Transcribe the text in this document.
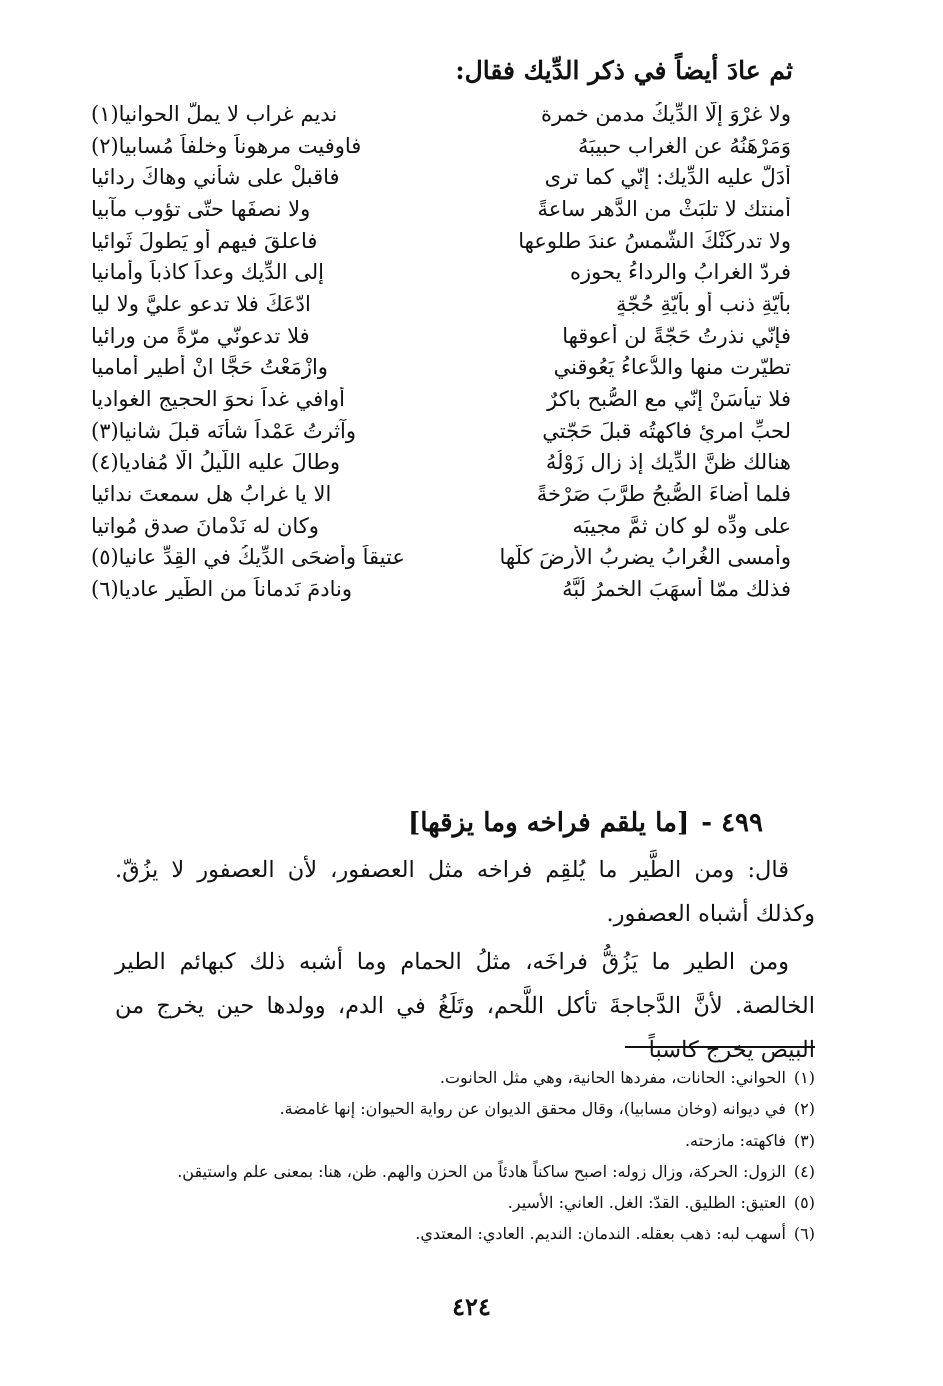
ثم عادَ أيضاً في ذكر الدِّيك فقال:
ولا غرْوَ إلّا الدِّيكُ مدمن خمرة
نديم غراب لا يملُّ الحوانيا(١)
وَمَرْهَنُهُ عن الغراب حبيبَهُ
فاوفيت مرهوناً وخلفاً مُسابيا(٢)
أَدَلَّ عليه الدِّيك: إنّي كما ترى
فاقبلْ على شأني وهاكَ ردائيا
أمنتك لا تلبَثْ من الدَّهر ساعةً
ولا نصفَها حتّى تؤوب مآبيا
ولا تدركَنْكَ الشّمسُ عندَ طلوعها
فاعلقَ فيهم أو يَطولَ ثَوائيا
فردّ الغرابُ والرداءُ يحوزه
إلى الدِّيك وعداً كاذباً وأمانيا
بأيّةِ ذنب أو بأيّةِ حُجّةٍ
ادّعَكَ فلا تدعو عليَّ ولا ليا
فإنّي نذرتُ حَجّةً لن أعوقها
فلا تدعونّي مرّةً من ورائيا
تطيّرت منها والدُّعاءُ يَعُوقني
وازْمَعْتُ حَجًّا انْ أطير أماميا
فلا تيأسَنْ إنّي مع الصُّبح باكرٌ
أُوافي غداً نحوَ الحجيج الغواديا
لحبِّ امرئٍ فاكهتُه قبلَ حَجّتي
وآثرتُ عَمْداً شأنَه قبلَ شانيا(٣)
هنالك ظنَّ الدِّيك إذ زال زَوْلُهُ
وطالَ عليه اللّيلُ الّا مُفاديا(٤)
فلما أضاءَ الصُّبحُ طرَّبَ صَرْخةً
الا يا غرابُ هل سمعتَ ندائيا
على ودِّه لو كان ثمَّ مجيبَه
وكان له نَدْمانَ صدق مُواتيا
وأمسى الغُرابُ يضربُ الأرضَ كلَّها
عتيقاً وأضحَى الدِّيكُ في القِدِّ عانيا(٥)
فذلك ممّا أسهَبَ الخمرُ لُبَّهُ
ونادمَ نَدماناً من الطَّير عاديا(٦)
٤٩٩ -[ما يلقم فراخه وما يزقها]

قال: ومن الطَّير ما يُلقِم فراخه مثل العصفور، لأن العصفور لا يزُقّ. وكذلك أشباه العصفور.

ومن الطير ما يَزُقُّ فراخَه، مثلُ الحمام وما أشبه ذلك كبهائم الطير الخالصة. لأنَّ الدَّجاجةَ تأكل اللَّحم، وتَلَغُ في الدم، وولدها حين يخرج من البيض يخرج كاسباً

(١)الحواني: الحانات، مفردها الحانية، وهي مثل الحانوت.
(٢)في ديوانه (وخان مسابيا)، وقال محقق الديوان عن رواية الحيوان: إنها غامضة.
(٣)فاكهته: مازحته.
(٤)الزول: الحركة، وزال زوله: اصبح ساكناً هادئاً من الحزن والهم. ظن، هنا: بمعنى علم واستيقن.
(٥)العتيق: الطليق. القدّ: الغل. العاني: الأسير.
(٦)أسهب لبه: ذهب بعقله. الندمان: النديم. العادي: المعتدي.
٤٢٤
